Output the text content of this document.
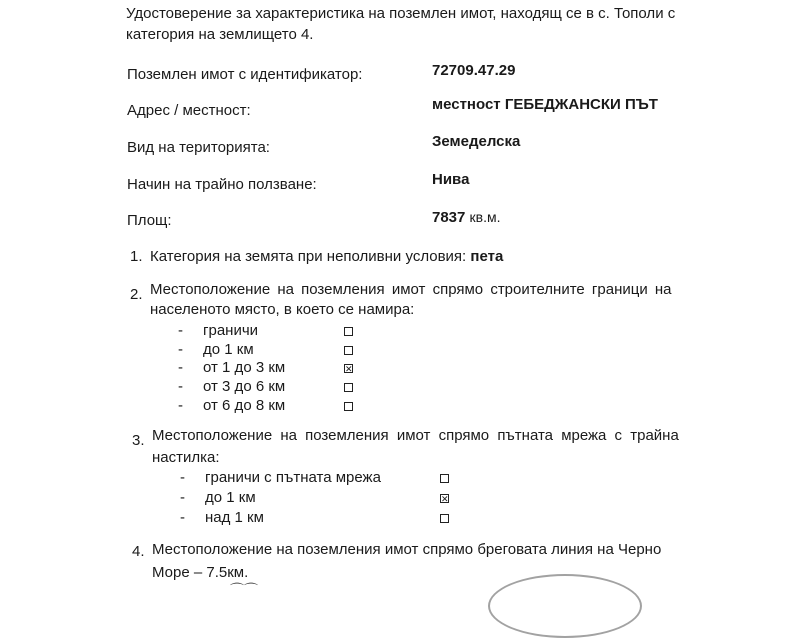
Удостоверение за характеристика на поземлен имот, находящ се в с. Тополи с
категория на землището 4.
Поземлен имот с идентификатор:	72709.47.29
Адрес / местност:	местност ГЕБЕДЖАНСКИ ПЪТ
Вид на територията:	Земеделска
Начин на трайно ползване:	Нива
Площ:	7837 кв.м.
1. Категория на земята при неполивни условия: пета
2. Местоположение на поземления имот спрямо строителните граници на
населеното място, в което се намира:
- граничи
- до 1 км
- от 1 до 3 км	✕
- от 3 до 6 км
- от 6 до 8 км
3. Местоположение на поземления имот спрямо пътната мрежа с трайна
настилка:
- граничи с пътната мрежа
- до 1 км	✕
- над 1 км
4. Местоположение на поземления имот спрямо бреговата линия на Черно
Море – 7.5км.
⌒⌒
